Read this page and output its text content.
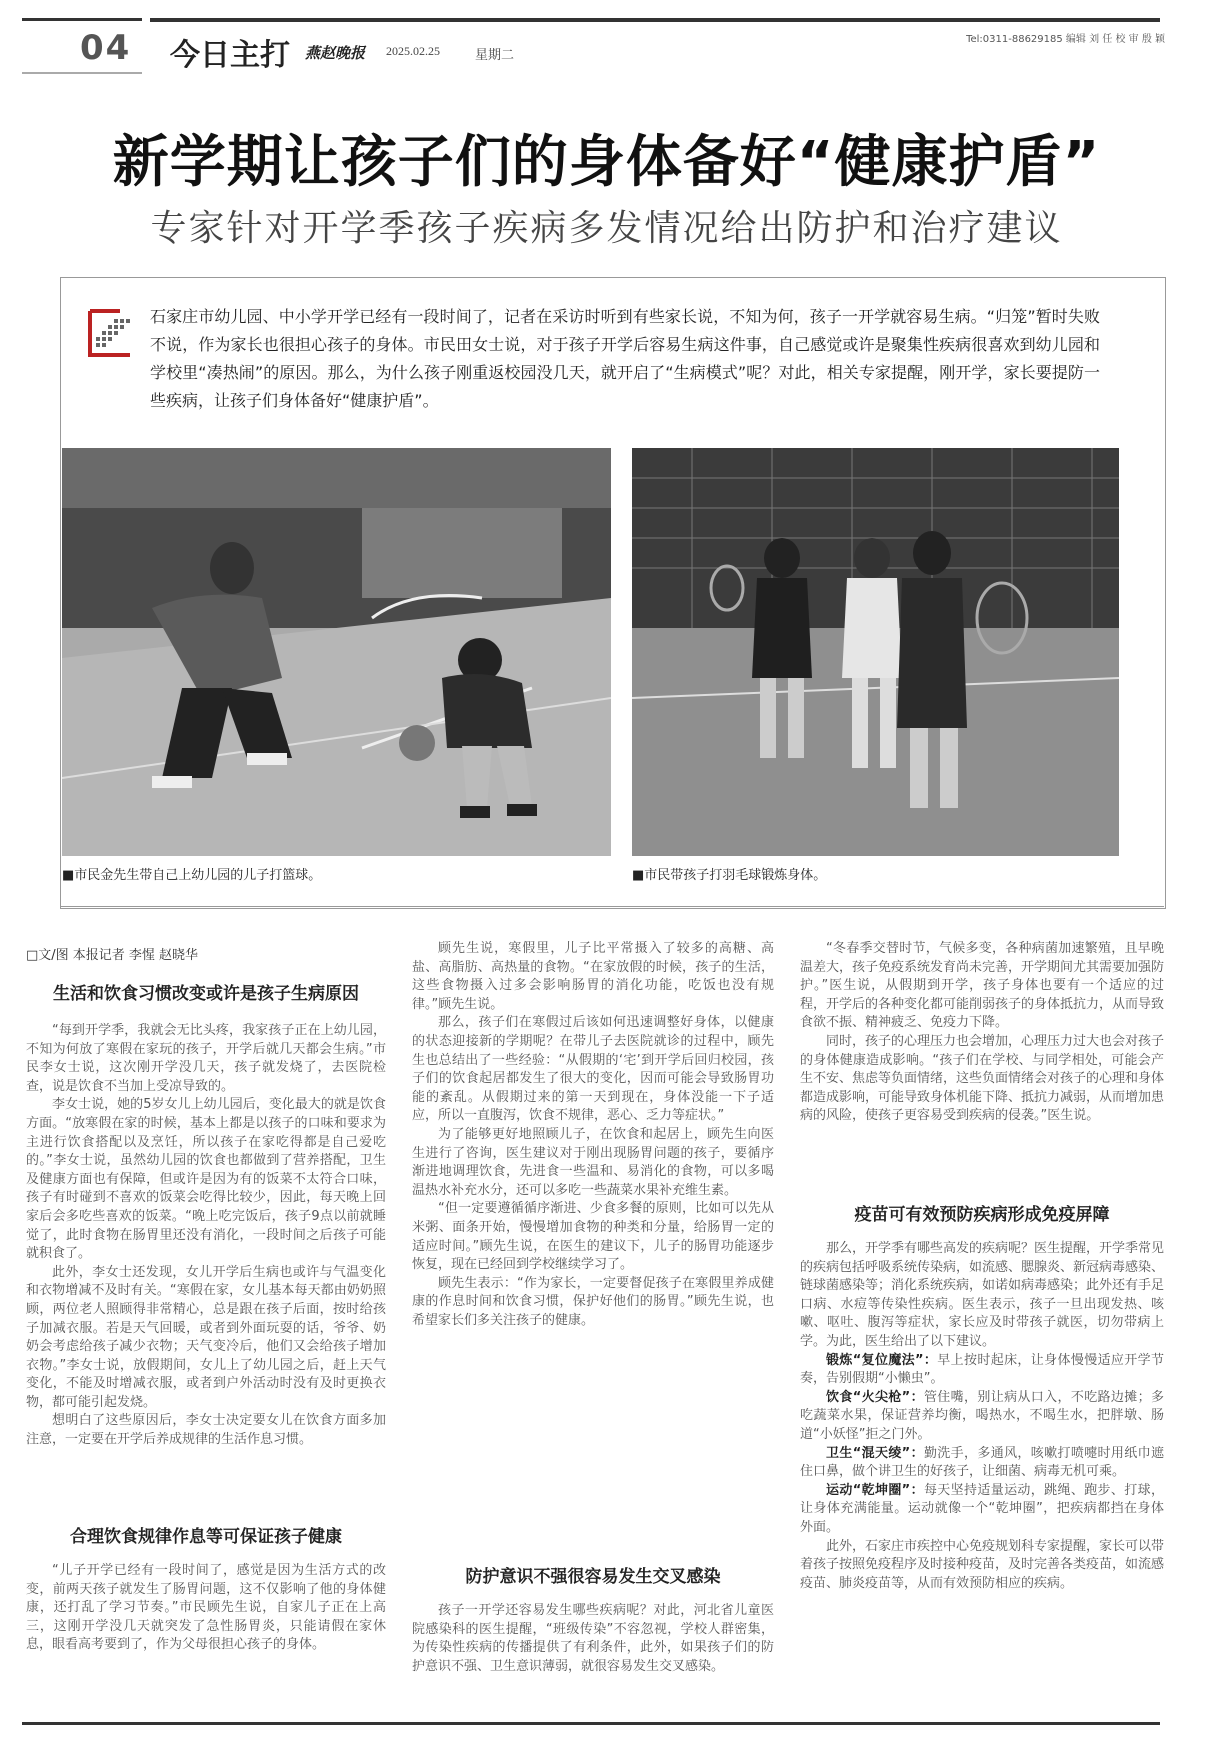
04 今日主打 燕赵晚报 2025.02.25	星期二
Tel:0311-88629185 编辑 刘 任 校 审 殷 颖
新学期让孩子们的身体备好“健康护盾”
专家针对开学季孩子疾病多发情况给出防护和治疗建议
石家庄市幼儿园、中小学开学已经有一段时间了，记者在采访时听到有些家长说，不知为何，孩子一开学就容易生病。“归笼”暂时失败不说，作为家长也很担心孩子的身体。市民田女士说，对于孩子开学后容易生病这件事，自己感觉或许是聚集性疾病很喜欢到幼儿园和学校里“凑热闹”的原因。那么，为什么孩子刚重返校园没几天，就开启了“生病模式”呢？对此，相关专家提醒，刚开学，家长要提防一些疾病，让孩子们身体备好“健康护盾”。
■市民金先生带自己上幼儿园的儿子打篮球。	■市民带孩子打羽毛球锻炼身体。
□文/图 本报记者 李惺 赵晓华
生活和饮食习惯改变或许是孩子生病原因

“每到开学季，我就会无比头疼，我家孩子正在上幼儿园，不知为何放了寒假在家玩的孩子，开学后就几天都会生病。”市民李女士说，这次刚开学没几天，孩子就发烧了，去医院检查，说是饮食不当加上受凉导致的。

李女士说，她的5岁女儿上幼儿园后，变化最大的就是饮食方面。“放寒假在家的时候，基本上都是以孩子的口味和要求为主进行饮食搭配以及烹饪，所以孩子在家吃得都是自己爱吃的。”李女士说，虽然幼儿园的饮食也都做到了营养搭配，卫生及健康方面也有保障，但或许是因为有的饭菜不太符合口味，孩子有时碰到不喜欢的饭菜会吃得比较少，因此，每天晚上回家后会多吃些喜欢的饭菜。“晚上吃完饭后，孩子9点以前就睡觉了，此时食物在肠胃里还没有消化，一段时间之后孩子可能就积食了。

此外，李女士还发现，女儿开学后生病也或许与气温变化和衣物增减不及时有关。“寒假在家，女儿基本每天都由奶奶照顾，两位老人照顾得非常精心，总是跟在孩子后面，按时给孩子加减衣服。若是天气回暖，或者到外面玩耍的话，爷爷、奶奶会考虑给孩子减少衣物；天气变冷后，他们又会给孩子增加衣物。”李女士说，放假期间，女儿上了幼儿园之后，赶上天气变化，不能及时增减衣服，或者到户外活动时没有及时更换衣物，都可能引起发烧。

想明白了这些原因后，李女士决定要女儿在饮食方面多加注意，一定要在开学后养成规律的生活作息习惯。

合理饮食规律作息等可保证孩子健康

“儿子开学已经有一段时间了，感觉是因为生活方式的改变，前两天孩子就发生了肠胃问题，这不仅影响了他的身体健康，还打乱了学习节奏。”市民顾先生说，自家儿子正在上高三，这刚开学没几天就突发了急性肠胃炎，只能请假在家休息，眼看高考要到了，作为父母很担心孩子的身体。

顾先生说，寒假里，儿子比平常摄入了较多的高糖、高盐、高脂肪、高热量的食物。“在家放假的时候，孩子的生活，这些食物摄入过多会影响肠胃的消化功能，吃饭也没有规律。”顾先生说。

那么，孩子们在寒假过后该如何迅速调整好身体，以健康的状态迎接新的学期呢？在带儿子去医院就诊的过程中，顾先生也总结出了一些经验：“从假期的‘宅’到开学后回归校园，孩子们的饮食起居都发生了很大的变化，因而可能会导致肠胃功能的紊乱。从假期过来的第一天到现在，身体没能一下子适应，所以一直腹泻，饮食不规律，恶心、乏力等症状。”

为了能够更好地照顾儿子，在饮食和起居上，顾先生向医生进行了咨询，医生建议对于刚出现肠胃问题的孩子，要循序渐进地调理饮食，先进食一些温和、易消化的食物，可以多喝温热水补充水分，还可以多吃一些蔬菜水果补充维生素。

“但一定要遵循循序渐进、少食多餐的原则，比如可以先从米粥、面条开始，慢慢增加食物的种类和分量，给肠胃一定的适应时间。”顾先生说，在医生的建议下，儿子的肠胃功能逐步恢复，现在已经回到学校继续学习了。

顾先生表示：“作为家长，一定要督促孩子在寒假里养成健康的作息时间和饮食习惯，保护好他们的肠胃。”顾先生说，也希望家长们多关注孩子的健康。

防护意识不强很容易发生交叉感染

孩子一开学还容易发生哪些疾病呢？对此，河北省儿童医院感染科的医生提醒，“班级传染”不容忽视，学校人群密集，为传染性疾病的传播提供了有利条件，此外，如果孩子们的防护意识不强、卫生意识薄弱，就很容易发生交叉感染。

“冬春季交替时节，气候多变，各种病菌加速繁殖，且早晚温差大，孩子免疫系统发育尚未完善，开学期间尤其需要加强防护。”医生说，从假期到开学，孩子身体也要有一个适应的过程，开学后的各种变化都可能削弱孩子的身体抵抗力，从而导致食欲不振、精神疲乏、免疫力下降。

同时，孩子的心理压力也会增加，心理压力过大也会对孩子的身体健康造成影响。“孩子们在学校、与同学相处，可能会产生不安、焦虑等负面情绪，这些负面情绪会对孩子的心理和身体都造成影响，可能导致身体机能下降、抵抗力减弱，从而增加患病的风险，使孩子更容易受到疾病的侵袭。”医生说。

疫苗可有效预防疾病形成免疫屏障

那么，开学季有哪些高发的疾病呢？医生提醒，开学季常见的疾病包括呼吸系统传染病，如流感、腮腺炎、新冠病毒感染、链球菌感染等；消化系统疾病，如诺如病毒感染；此外还有手足口病、水痘等传染性疾病。医生表示，孩子一旦出现发热、咳嗽、呕吐、腹泻等症状，家长应及时带孩子就医，切勿带病上学。为此，医生给出了以下建议。

锻炼“复位魔法”：早上按时起床，让身体慢慢适应开学节奏，告别假期“小懒虫”。

饮食“火尖枪”：管住嘴，别让病从口入，不吃路边摊；多吃蔬菜水果，保证营养均衡，喝热水，不喝生水，把胖墩、肠道“小妖怪”拒之门外。

卫生“混天绫”：勤洗手，多通风，咳嗽打喷嚏时用纸巾遮住口鼻，做个讲卫生的好孩子，让细菌、病毒无机可乘。

运动“乾坤圈”：每天坚持适量运动，跳绳、跑步、打球，让身体充满能量。运动就像一个“乾坤圈”，把疾病都挡在身体外面。

此外，石家庄市疾控中心免疫规划科专家提醒，家长可以带着孩子按照免疫程序及时接种疫苗，及时完善各类疫苗，如流感疫苗、肺炎疫苗等，从而有效预防相应的疾病。
